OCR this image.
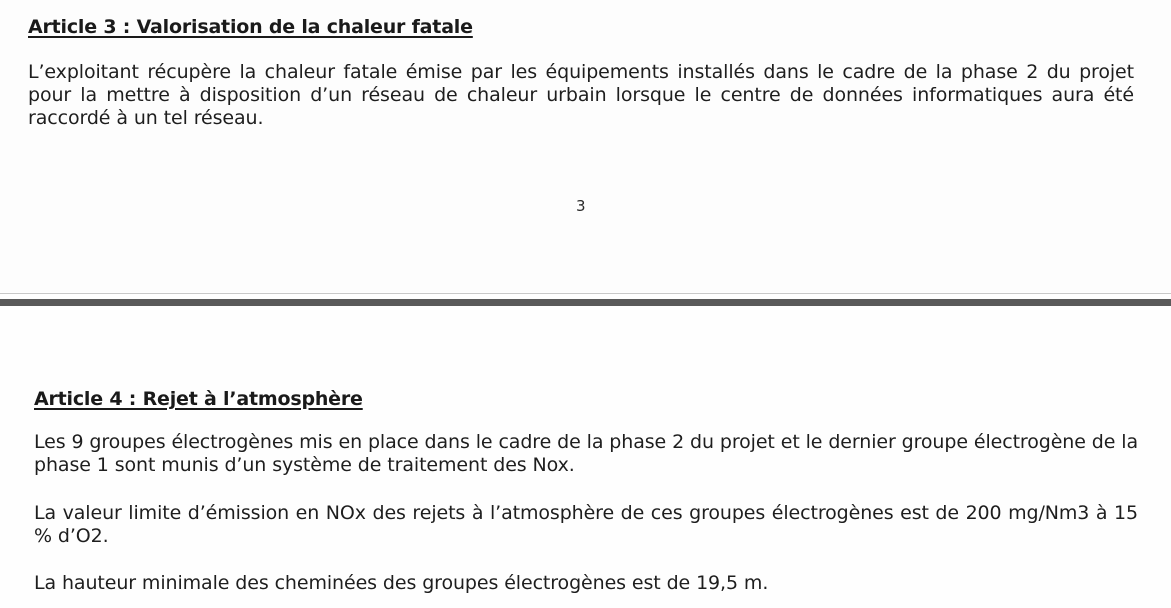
Article 3 : Valorisation de la chaleur fatale

L’exploitant récupère la chaleur fatale émise par les équipements installés dans le cadre de la phase 2 du projet pour la mettre à disposition d’un réseau de chaleur urbain lorsque le centre de données informatiques aura été raccordé à un tel réseau.

3
Article 4 : Rejet à l’atmosphère

Les 9 groupes électrogènes mis en place dans le cadre de la phase 2 du projet et le dernier groupe électrogène de la phase 1 sont munis d’un système de traitement des Nox.

La valeur limite d’émission en NOx des rejets à l’atmosphère de ces groupes électrogènes est de 200 mg/Nm3 à 15 % d’O2.

La hauteur minimale des cheminées des groupes électrogènes est de 19,5 m.
